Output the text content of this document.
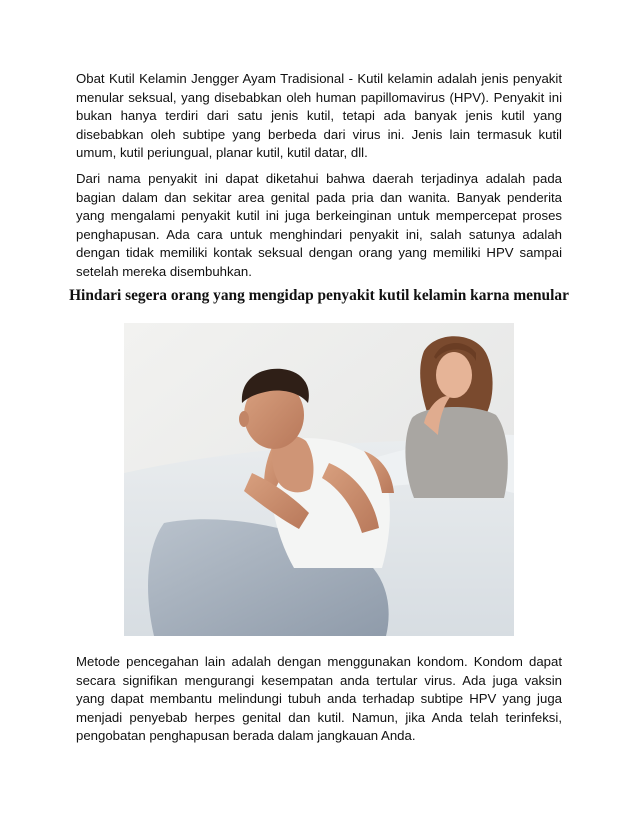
Obat Kutil Kelamin Jengger Ayam Tradisional - Kutil kelamin adalah jenis penyakit menular seksual, yang disebabkan oleh human papillomavirus (HPV). Penyakit ini bukan hanya terdiri dari satu jenis kutil, tetapi ada banyak jenis kutil yang disebabkan oleh subtipe yang berbeda dari virus ini. Jenis lain termasuk kutil umum, kutil periungual, planar kutil, kutil datar, dll.

Dari nama penyakit ini dapat diketahui bahwa daerah terjadinya adalah pada bagian dalam dan sekitar area genital pada pria dan wanita. Banyak penderita yang mengalami penyakit kutil ini juga berkeinginan untuk mempercepat proses penghapusan. Ada cara untuk menghindari penyakit ini, salah satunya adalah dengan tidak memiliki kontak seksual dengan orang yang memiliki HPV sampai setelah mereka disembuhkan.

Hindari segera orang yang mengidap penyakit kutil kelamin karna menular

Metode pencegahan lain adalah dengan menggunakan kondom. Kondom dapat secara signifikan mengurangi kesempatan anda tertular virus. Ada juga vaksin yang dapat membantu melindungi tubuh anda terhadap subtipe HPV yang juga menjadi penyebab herpes genital dan kutil. Namun, jika Anda telah terinfeksi, pengobatan penghapusan berada dalam jangkauan Anda.
